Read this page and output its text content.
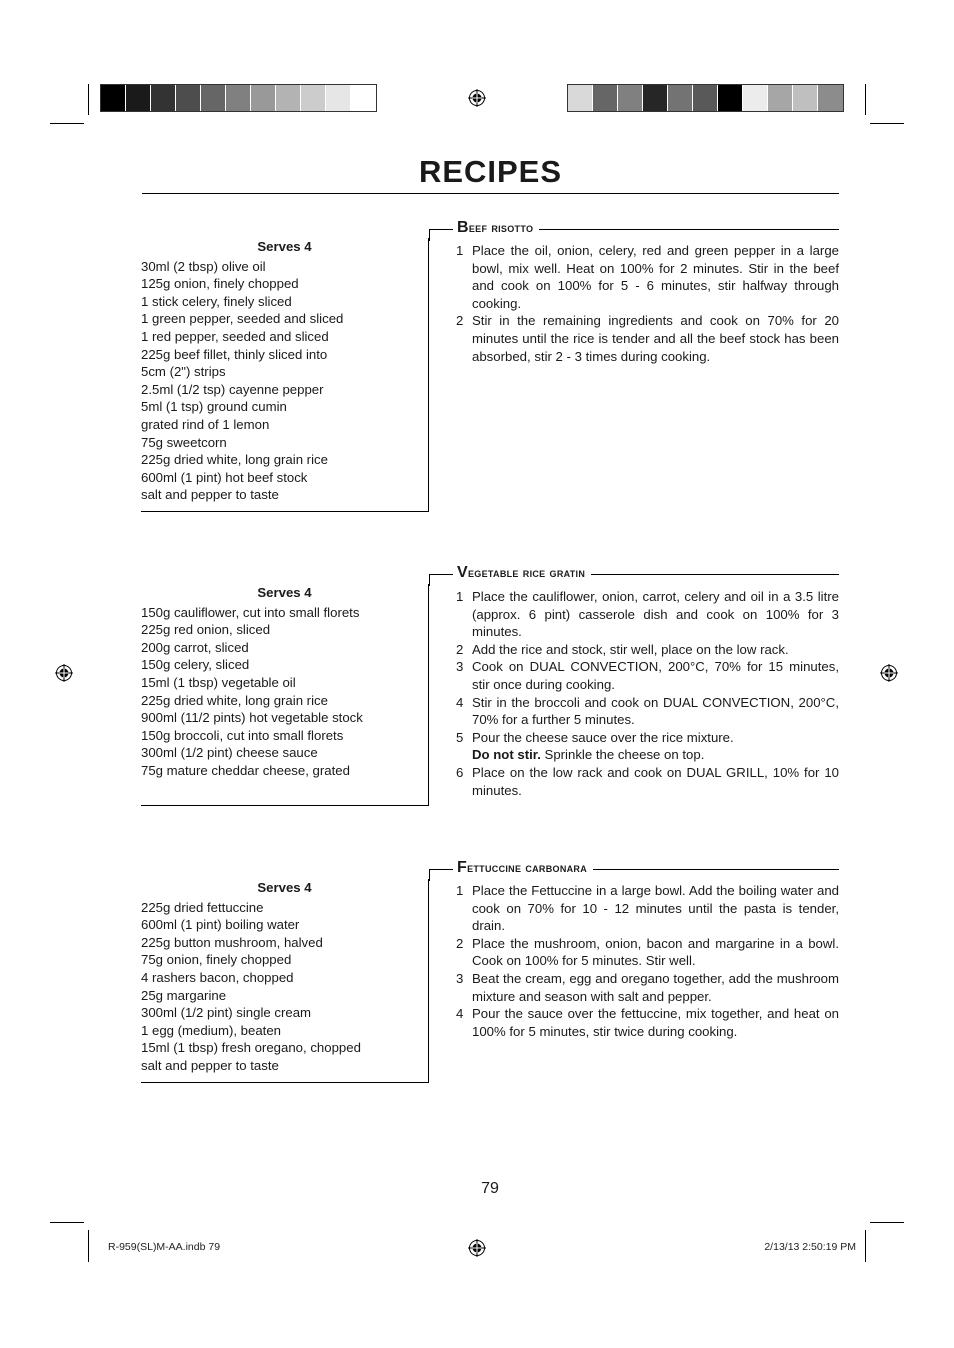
RECIPES
Serves 4
30ml (2 tbsp) olive oil
125g onion, finely chopped
1 stick celery, finely sliced
1 green pepper, seeded and sliced
1 red pepper, seeded and sliced
225g beef fillet, thinly sliced into
5cm (2") strips
2.5ml (1/2 tsp) cayenne pepper
5ml (1 tsp) ground cumin
grated rind of 1 lemon
75g sweetcorn
225g dried white, long grain rice
600ml (1 pint) hot beef stock
salt and pepper to taste
Beef risotto
1 Place the oil, onion, celery, red and green pepper in a large bowl, mix well. Heat on 100% for 2 minutes. Stir in the beef and cook on 100% for 5 - 6 minutes, stir halfway through cooking.
2 Stir in the remaining ingredients and cook on 70% for 20 minutes until the rice is tender and all the beef stock has been absorbed, stir 2 - 3 times during cooking.
Serves 4
150g cauliflower, cut into small florets
225g red onion, sliced
200g carrot, sliced
150g celery, sliced
15ml (1 tbsp) vegetable oil
225g dried white, long grain rice
900ml (11/2 pints) hot vegetable stock
150g broccoli, cut into small florets
300ml (1/2 pint) cheese sauce
75g mature cheddar cheese, grated
Vegetable rice gratin
1 Place the cauliflower, onion, carrot, celery and oil in a 3.5 litre (approx. 6 pint) casserole dish and cook on 100% for 3 minutes.
2 Add the rice and stock, stir well, place on the low rack.
3 Cook on DUAL CONVECTION, 200°C, 70% for 15 minutes, stir once during cooking.
4 Stir in the broccoli and cook on DUAL CONVECTION, 200°C, 70% for a further 5 minutes.
5 Pour the cheese sauce over the rice mixture.
Do not stir. Sprinkle the cheese on top.
6 Place on the low rack and cook on DUAL GRILL, 10% for 10 minutes.
Serves 4
225g dried fettuccine
600ml (1 pint) boiling water
225g button mushroom, halved
75g onion, finely chopped
4 rashers bacon, chopped
25g margarine
300ml (1/2 pint) single cream
1 egg (medium), beaten
15ml (1 tbsp) fresh oregano, chopped
salt and pepper to taste
Fettuccine carbonara
1 Place the Fettuccine in a large bowl. Add the boiling water and cook on 70% for 10 - 12 minutes until the pasta is tender, drain.
2 Place the mushroom, onion, bacon and margarine in a bowl. Cook on 100% for 5 minutes. Stir well.
3 Beat the cream, egg and oregano together, add the mushroom mixture and season with salt and pepper.
4 Pour the sauce over the fettuccine, mix together, and heat on 100% for 5 minutes, stir twice during cooking.
79
R-959(SL)M-AA.indb 79	2/13/13 2:50:19 PM
